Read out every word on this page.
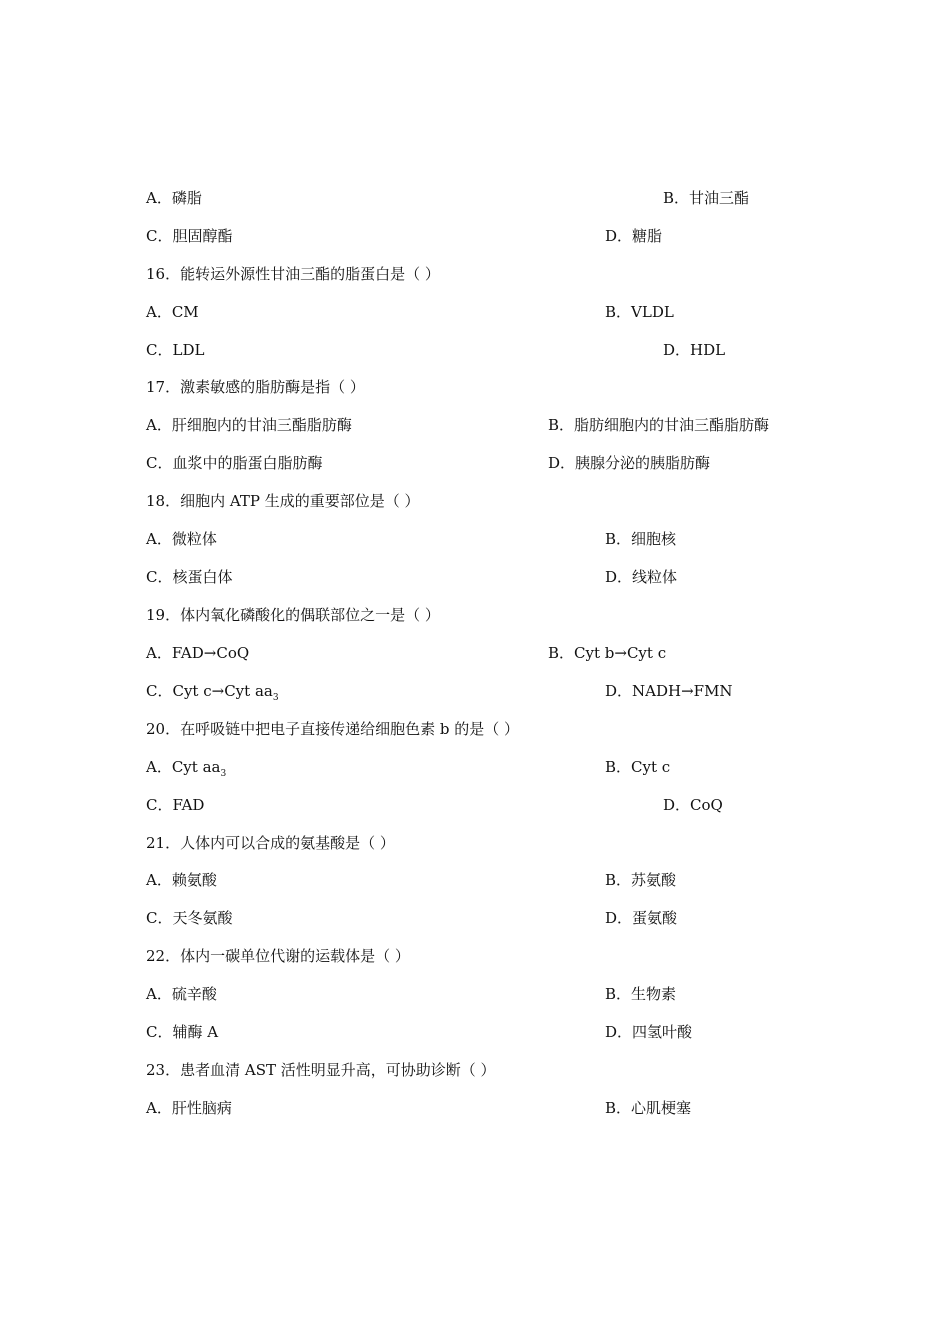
A．磷脂	B．甘油三酯
C．胆固醇酯	D．糖脂
16．能转运外源性甘油三酯的脂蛋白是（ ）
A．CM	B．VLDL
C．LDL	D．HDL
17．激素敏感的脂肪酶是指（ ）
A．肝细胞内的甘油三酯脂肪酶	B．脂肪细胞内的甘油三酯脂肪酶
C．血浆中的脂蛋白脂肪酶	D．胰腺分泌的胰脂肪酶
18．细胞内 ATP 生成的重要部位是（ ）
A．微粒体	B．细胞核
C．核蛋白体	D．线粒体
19．体内氧化磷酸化的偶联部位之一是（ ）
A．FAD→CoQ	B．Cyt b→Cyt c
C．Cyt c→Cyt $aa_3$	D．NADH→FMN
20．在呼吸链中把电子直接传递给细胞色素 b 的是（ ）
A．Cyt $aa_3$	B．Cyt c
C．FAD	D．CoQ
21．人体内可以合成的氨基酸是（ ）
A．赖氨酸	B．苏氨酸
C．天冬氨酸	D．蛋氨酸
22．体内一碳单位代谢的运载体是（ ）
A．硫辛酸	B．生物素
C．辅酶 A	D．四氢叶酸
23．患者血清 AST 活性明显升高，可协助诊断（ ）
A．肝性脑病	B．心肌梗塞
